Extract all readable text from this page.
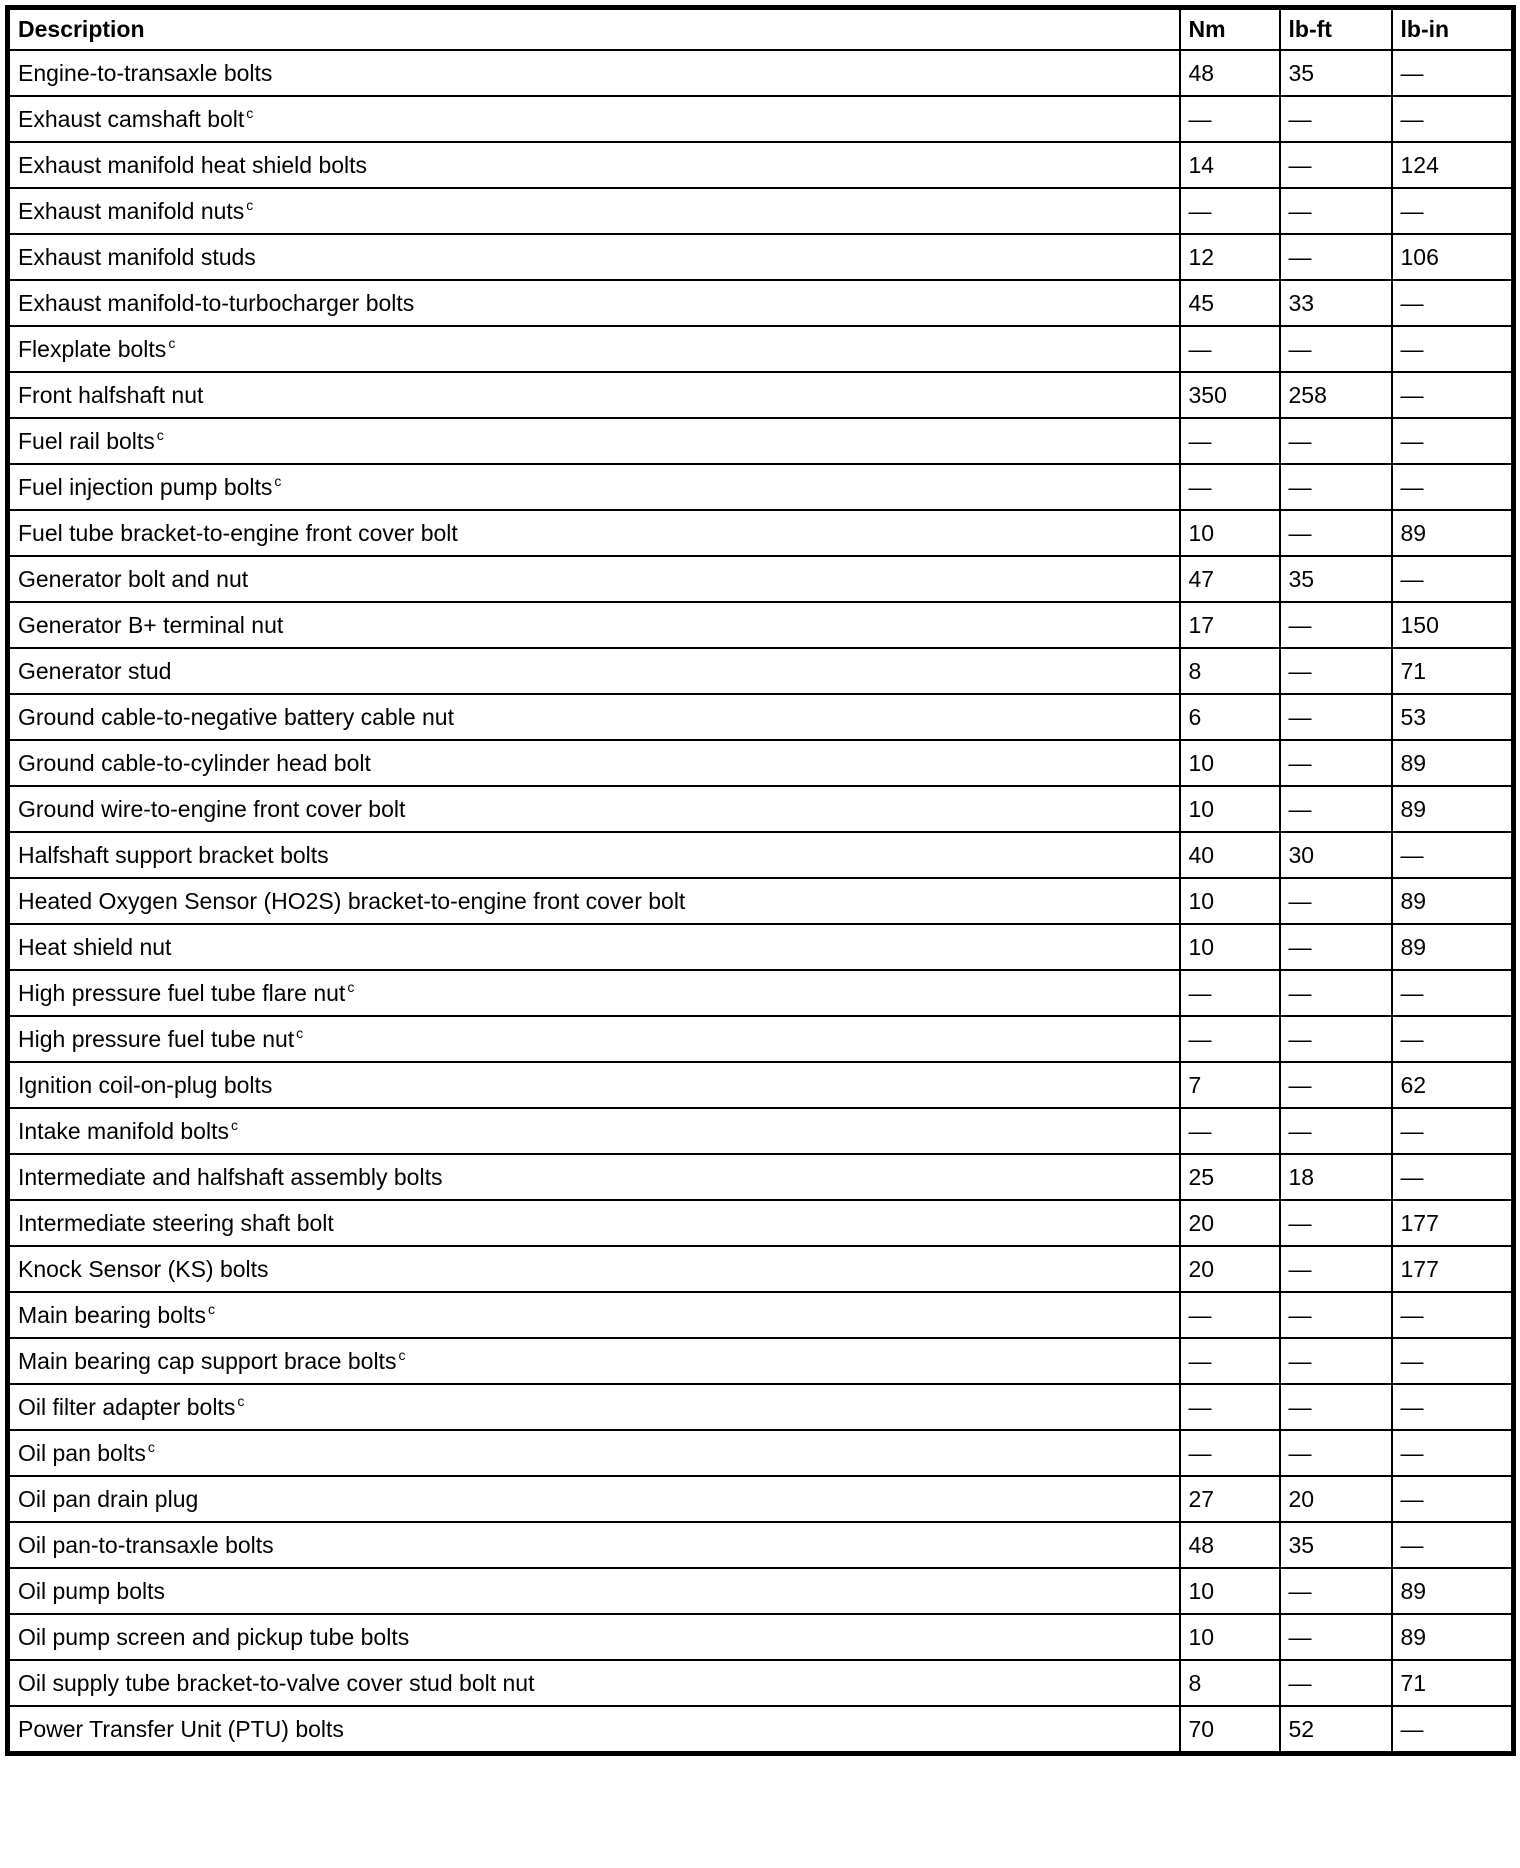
Description	Nm	lb-ft	lb-in
Engine-to-transaxle bolts	48	35	—
Exhaust camshaft bolt $^c$	—	—	—
Exhaust manifold heat shield bolts	14	—	124
Exhaust manifold nuts $^c$	—	—	—
Exhaust manifold studs	12	—	106
Exhaust manifold-to-turbocharger bolts	45	33	—
Flexplate bolts $^c$	—	—	—
Front halfshaft nut	350	258	—
Fuel rail bolts $^c$	—	—	—
Fuel injection pump bolts $^c$	—	—	—
Fuel tube bracket-to-engine front cover bolt	10	—	89
Generator bolt and nut	47	35	—
Generator B+ terminal nut	17	—	150
Generator stud	8	—	71
Ground cable-to-negative battery cable nut	6	—	53
Ground cable-to-cylinder head bolt	10	—	89
Ground wire-to-engine front cover bolt	10	—	89
Halfshaft support bracket bolts	40	30	—
Heated Oxygen Sensor (HO2S) bracket-to-engine front cover bolt	10	—	89
Heat shield nut	10	—	89
High pressure fuel tube flare nut $^c$	—	—	—
High pressure fuel tube nut $^c$	—	—	—
Ignition coil-on-plug bolts	7	—	62
Intake manifold bolts $^c$	—	—	—
Intermediate and halfshaft assembly bolts	25	18	—
Intermediate steering shaft bolt	20	—	177
Knock Sensor (KS) bolts	20	—	177
Main bearing bolts $^c$	—	—	—
Main bearing cap support brace bolts $^c$	—	—	—
Oil filter adapter bolts $^c$	—	—	—
Oil pan bolts $^c$	—	—	—
Oil pan drain plug	27	20	—
Oil pan-to-transaxle bolts	48	35	—
Oil pump bolts	10	—	89
Oil pump screen and pickup tube bolts	10	—	89
Oil supply tube bracket-to-valve cover stud bolt nut	8	—	71
Power Transfer Unit (PTU) bolts	70	52	—
